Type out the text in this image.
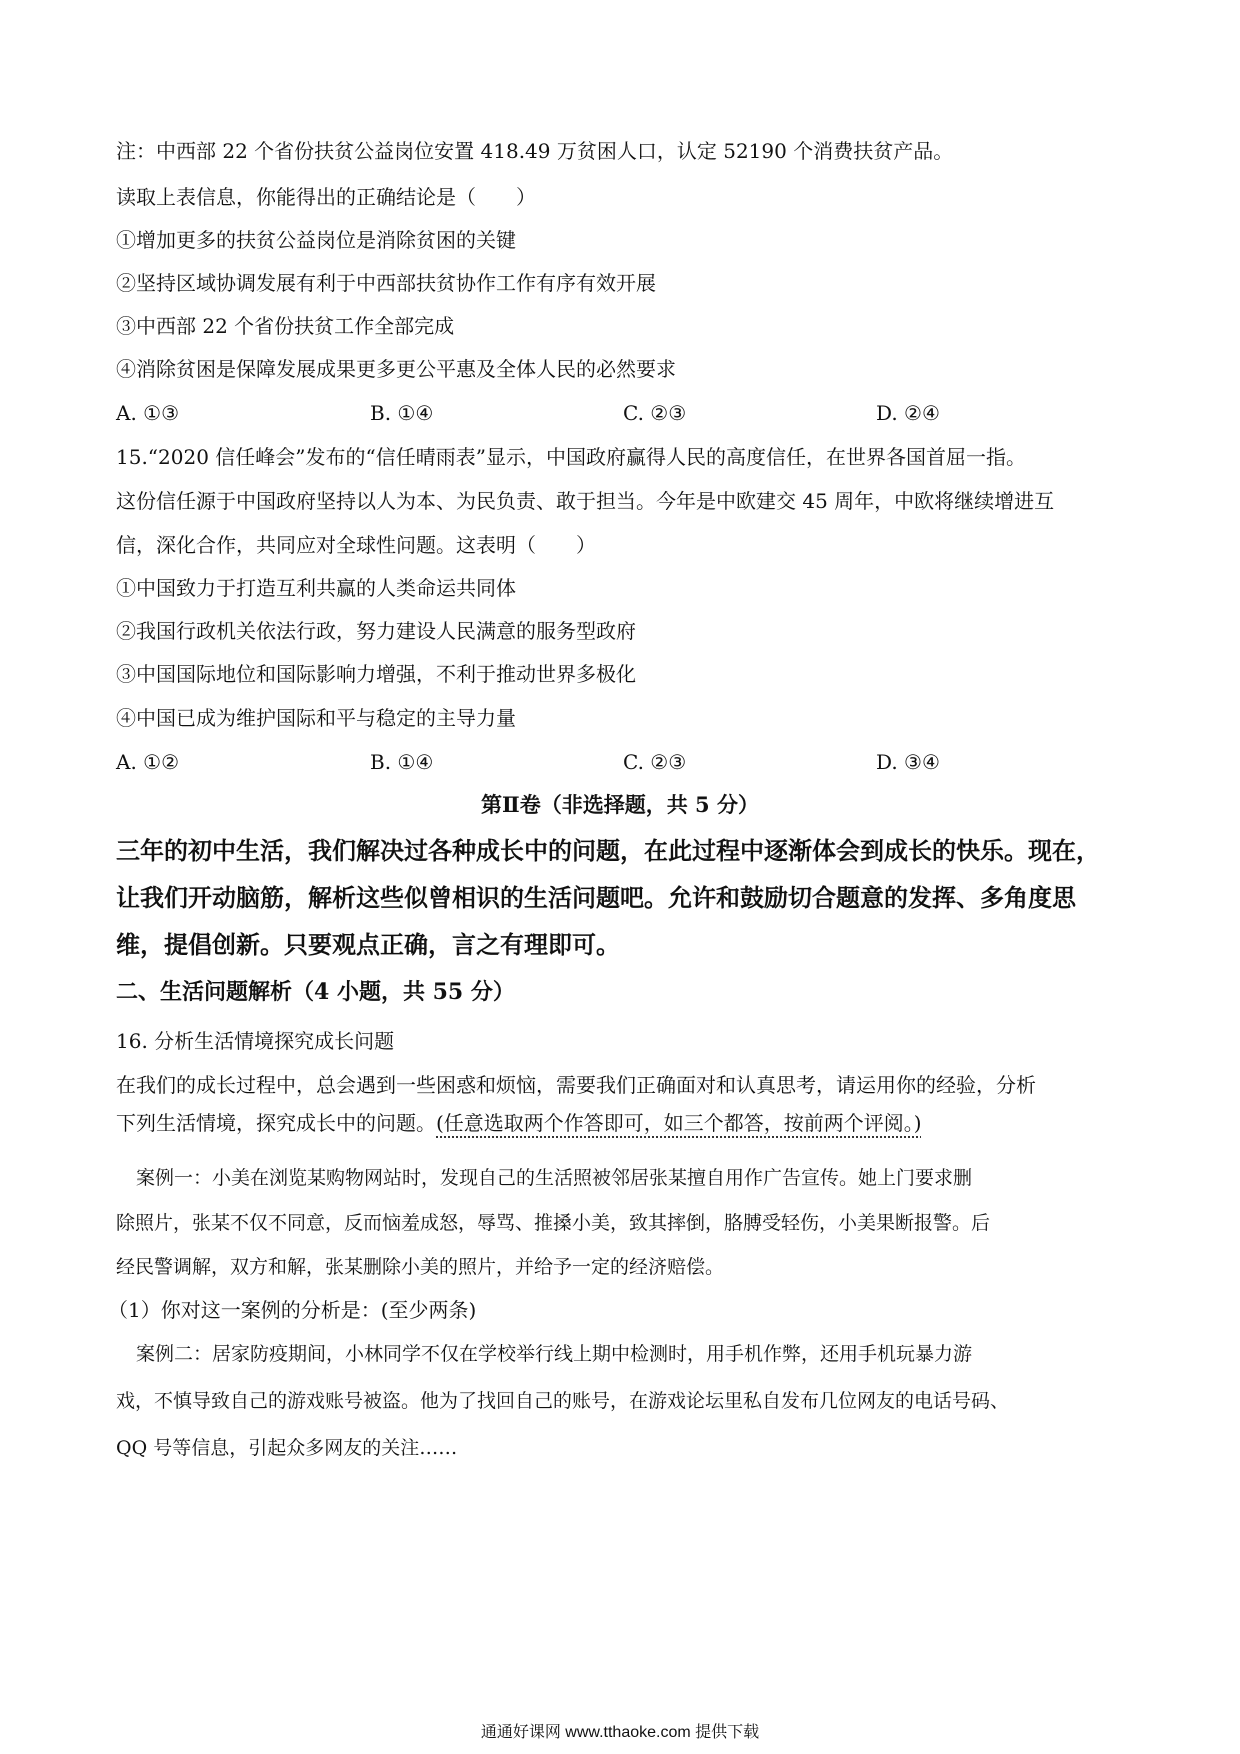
注：中西部 22 个省份扶贫公益岗位安置 418.49 万贫困人口，认定 52190 个消费扶贫产品。
读取上表信息，你能得出的正确结论是（　　）
①增加更多的扶贫公益岗位是消除贫困的关键
②坚持区域协调发展有利于中西部扶贫协作工作有序有效开展
③中西部 22 个省份扶贫工作全部完成
④消除贫困是保障发展成果更多更公平惠及全体人民的必然要求
A. ①③	B. ①④	C. ②③	D. ②④
15.“2020 信任峰会”发布的“信任晴雨表”显示，中国政府赢得人民的高度信任，在世界各国首屈一指。
这份信任源于中国政府坚持以人为本、为民负责、敢于担当。今年是中欧建交 45 周年，中欧将继续增进互
信，深化合作，共同应对全球性问题。这表明（　　）
①中国致力于打造互利共赢的人类命运共同体
②我国行政机关依法行政，努力建设人民满意的服务型政府
③中国国际地位和国际影响力增强，不利于推动世界多极化
④中国已成为维护国际和平与稳定的主导力量
A. ①②	B. ①④	C. ②③	D. ③④
第Ⅱ卷（非选择题，共 5 分）
三年的初中生活，我们解决过各种成长中的问题，在此过程中逐渐体会到成长的快乐。现在，
让我们开动脑筋，解析这些似曾相识的生活问题吧。允许和鼓励切合题意的发挥、多角度思
维，提倡创新。只要观点正确，言之有理即可。
二、生活问题解析（4 小题，共 55 分）
16. 分析生活情境探究成长问题
在我们的成长过程中，总会遇到一些困惑和烦恼，需要我们正确面对和认真思考，请运用你的经验，分析
下列生活情境，探究成长中的问题。(任意选取两个作答即可，如三个都答，按前两个评阅。)
案例一：小美在浏览某购物网站时，发现自己的生活照被邻居张某擅自用作广告宣传。她上门要求删
除照片，张某不仅不同意，反而恼羞成怒，辱骂、推搡小美，致其摔倒，胳膊受轻伤，小美果断报警。后
经民警调解，双方和解，张某删除小美的照片，并给予一定的经济赔偿。
（1）你对这一案例的分析是：(至少两条)
案例二：居家防疫期间，小林同学不仅在学校举行线上期中检测时，用手机作弊，还用手机玩暴力游
戏，不慎导致自己的游戏账号被盗。他为了找回自己的账号，在游戏论坛里私自发布几位网友的电话号码、
QQ 号等信息，引起众多网友的关注……
通通好课网 www.tthaoke.com 提供下载
